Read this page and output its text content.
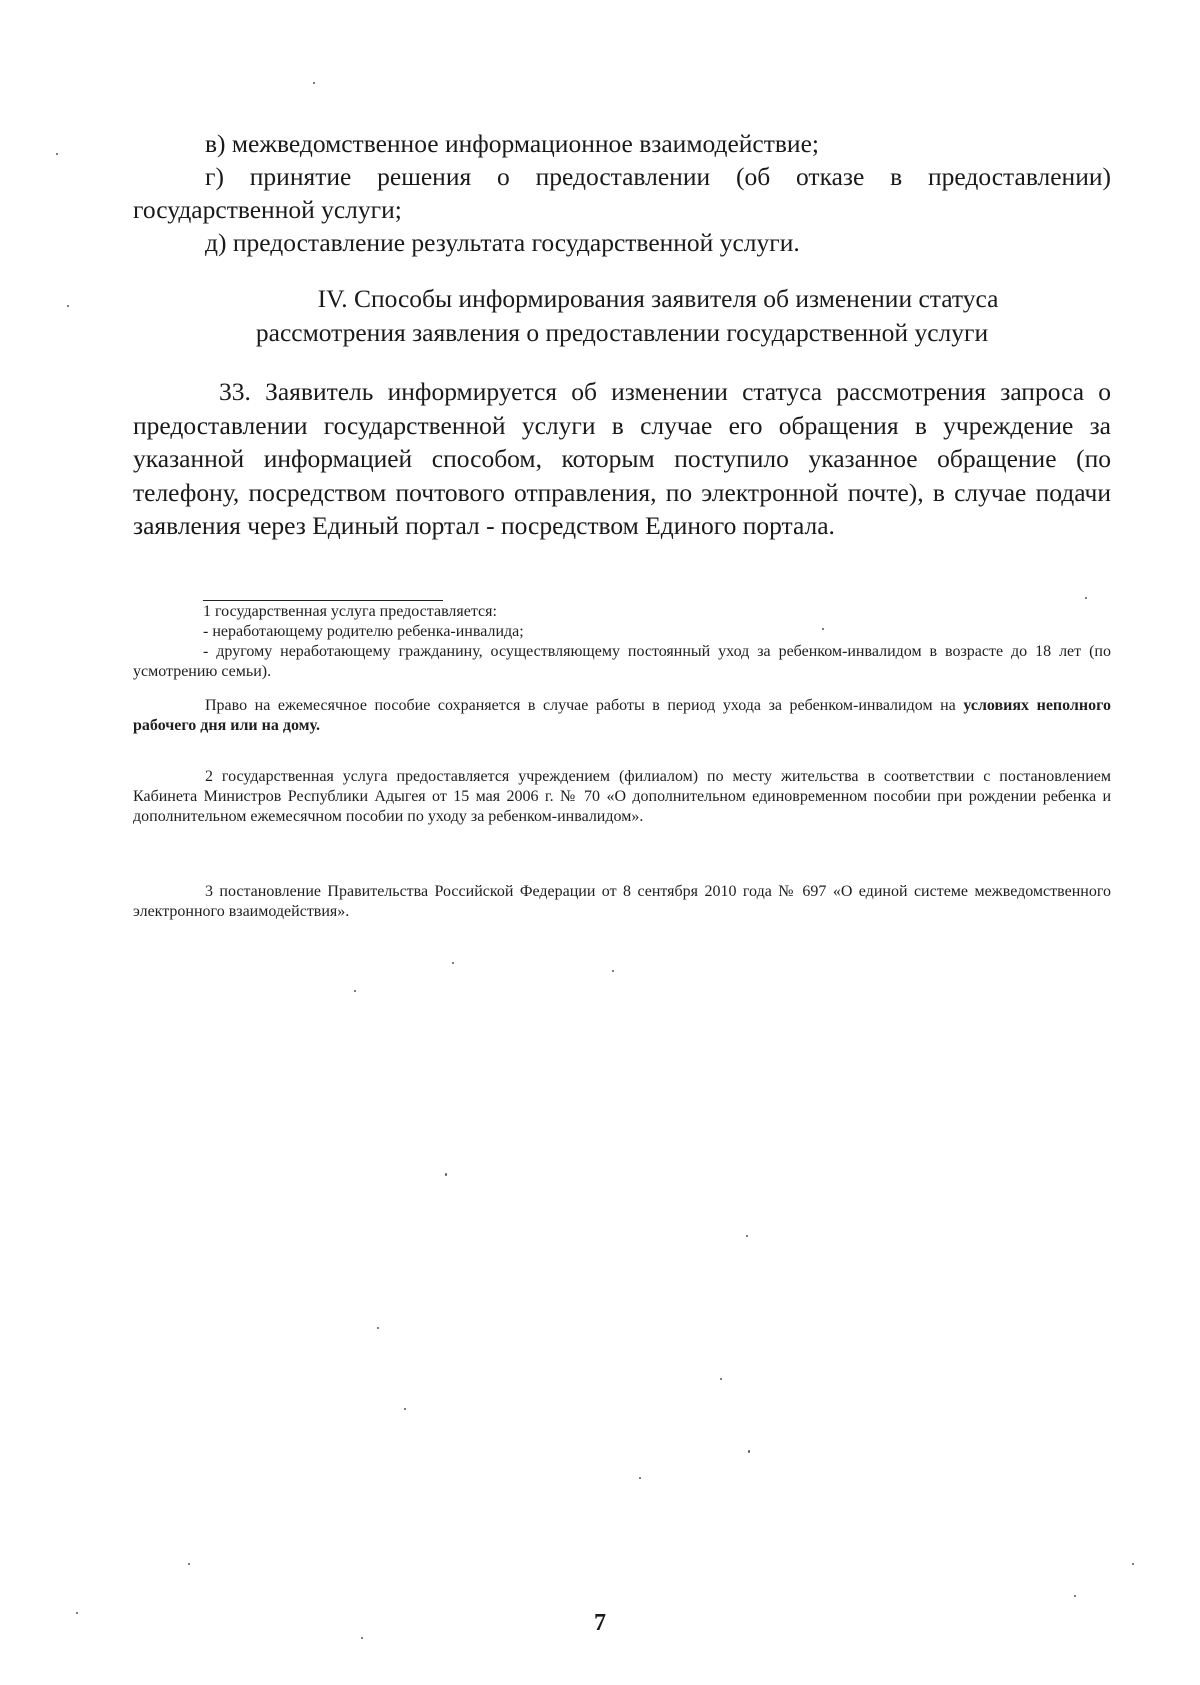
в) межведомственное информационное взаимодействие;

г) принятие решения о предоставлении (об отказе в предоставлении) государственной услуги;

д) предоставление результата государственной услуги.

IV. Способы информирования заявителя об изменении статуса
рассмотрения заявления о предоставлении государственной услуги

33. Заявитель информируется об изменении статуса рассмотрения запроса о предоставлении государственной услуги в случае его обращения в учреждение за указанной информацией способом, которым поступило указанное обращение (по телефону, посредством почтового отправления, по электронной почте), в случае подачи заявления через Единый портал - посредством Единого портала.

1 государственная услуга предоставляется:

- неработающему родителю ребенка-инвалида;

- другому неработающему гражданину, осуществляющему постоянный уход за ребенком-инвалидом в возрасте до 18 лет (по усмотрению семьи).

Право на ежемесячное пособие сохраняется в случае работы в период ухода за ребенком-инвалидом на условиях неполного рабочего дня или на дому.

2 государственная услуга предоставляется учреждением (филиалом) по месту жительства в соответствии с постановлением Кабинета Министров Республики Адыгея от 15 мая 2006 г. № 70 «О дополнительном единовременном пособии при рождении ребенка и дополнительном ежемесячном пособии по уходу за ребенком-инвалидом».

3 постановление Правительства Российской Федерации от 8 сентября 2010 года № 697 «О единой системе межведомственного электронного взаимодействия».

7
